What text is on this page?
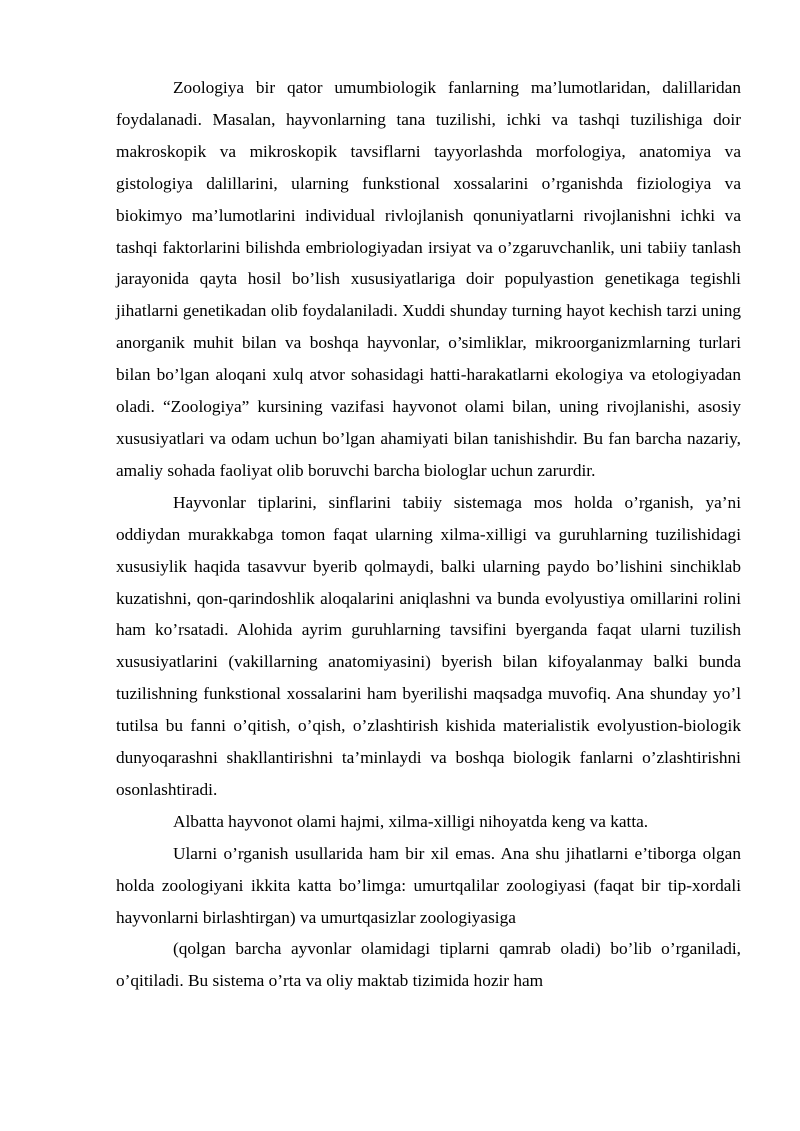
Zoologiya bir qator umumbiologik fanlarning ma’lumotlaridan, dalillaridan foydalanadi. Masalan, hayvonlarning tana tuzilishi, ichki va tashqi tuzilishiga doir makroskopik va mikroskopik tavsiflarni tayyorlashda morfologiya, anatomiya va gistologiya dalillarini, ularning funkstional xossalarini o’rganishda fiziologiya va biokimyo ma’lumotlarini individual rivlojlanish qonuniyatlarni rivojlanishni ichki va tashqi faktorlarini bilishda embriologiyadan irsiyat va o’zgaruvchanlik, uni tabiiy tanlash jarayonida qayta hosil bo’lish xususiyatlariga doir populyastion genetikaga tegishli jihatlarni genetikadan olib foydalaniladi. Xuddi shunday turning hayot kechish tarzi uning anorganik muhit bilan va boshqa hayvonlar, o’simliklar, mikroorganizmlarning turlari bilan bo’lgan aloqani xulq atvor sohasidagi hatti-harakatlarni ekologiya va etologiyadan oladi. “Zoologiya” kursining vazifasi hayvonot olami bilan, uning rivojlanishi, asosiy xususiyatlari va odam uchun bo’lgan ahamiyati bilan tanishishdir. Bu fan barcha nazariy, amaliy sohada faoliyat olib boruvchi barcha biologlar uchun zarurdir.

Hayvonlar tiplarini, sinflarini tabiiy sistemaga mos holda o’rganish, ya’ni oddiydan murakkabga tomon faqat ularning xilma-xilligi va guruhlarning tuzilishidagi xususiylik haqida tasavvur byerib qolmaydi, balki ularning paydo bo’lishini sinchiklab kuzatishni, qon-qarindoshlik aloqalarini aniqlashni va bunda evolyustiya omillarini rolini ham ko’rsatadi. Alohida ayrim guruhlarning tavsifini byerganda faqat ularni tuzilish xususiyatlarini (vakillarning anatomiyasini) byerish bilan kifoyalanmay balki bunda tuzilishning funkstional xossalarini ham byerilishi maqsadga muvofiq. Ana shunday yo’l tutilsa bu fanni o’qitish, o’qish, o’zlashtirish kishida materialistik evolyustion-biologik dunyoqarashni shakllantirishni ta’minlaydi va boshqa biologik fanlarni o’zlashtirishni osonlashtiradi.

Albatta hayvonot olami hajmi, xilma-xilligi nihoyatda keng va katta.

Ularni o’rganish usullarida ham bir xil emas. Ana shu jihatlarni e’tiborga olgan holda zoologiyani ikkita katta bo’limga: umurtqalilar zoologiyasi (faqat bir tip-xordali hayvonlarni birlashtirgan) va umurtqasizlar zoologiyasiga

(qolgan barcha ayvonlar olamidagi tiplarni qamrab oladi) bo’lib o’rganiladi, o’qitiladi. Bu sistema o’rta va oliy maktab tizimida hozir ham
